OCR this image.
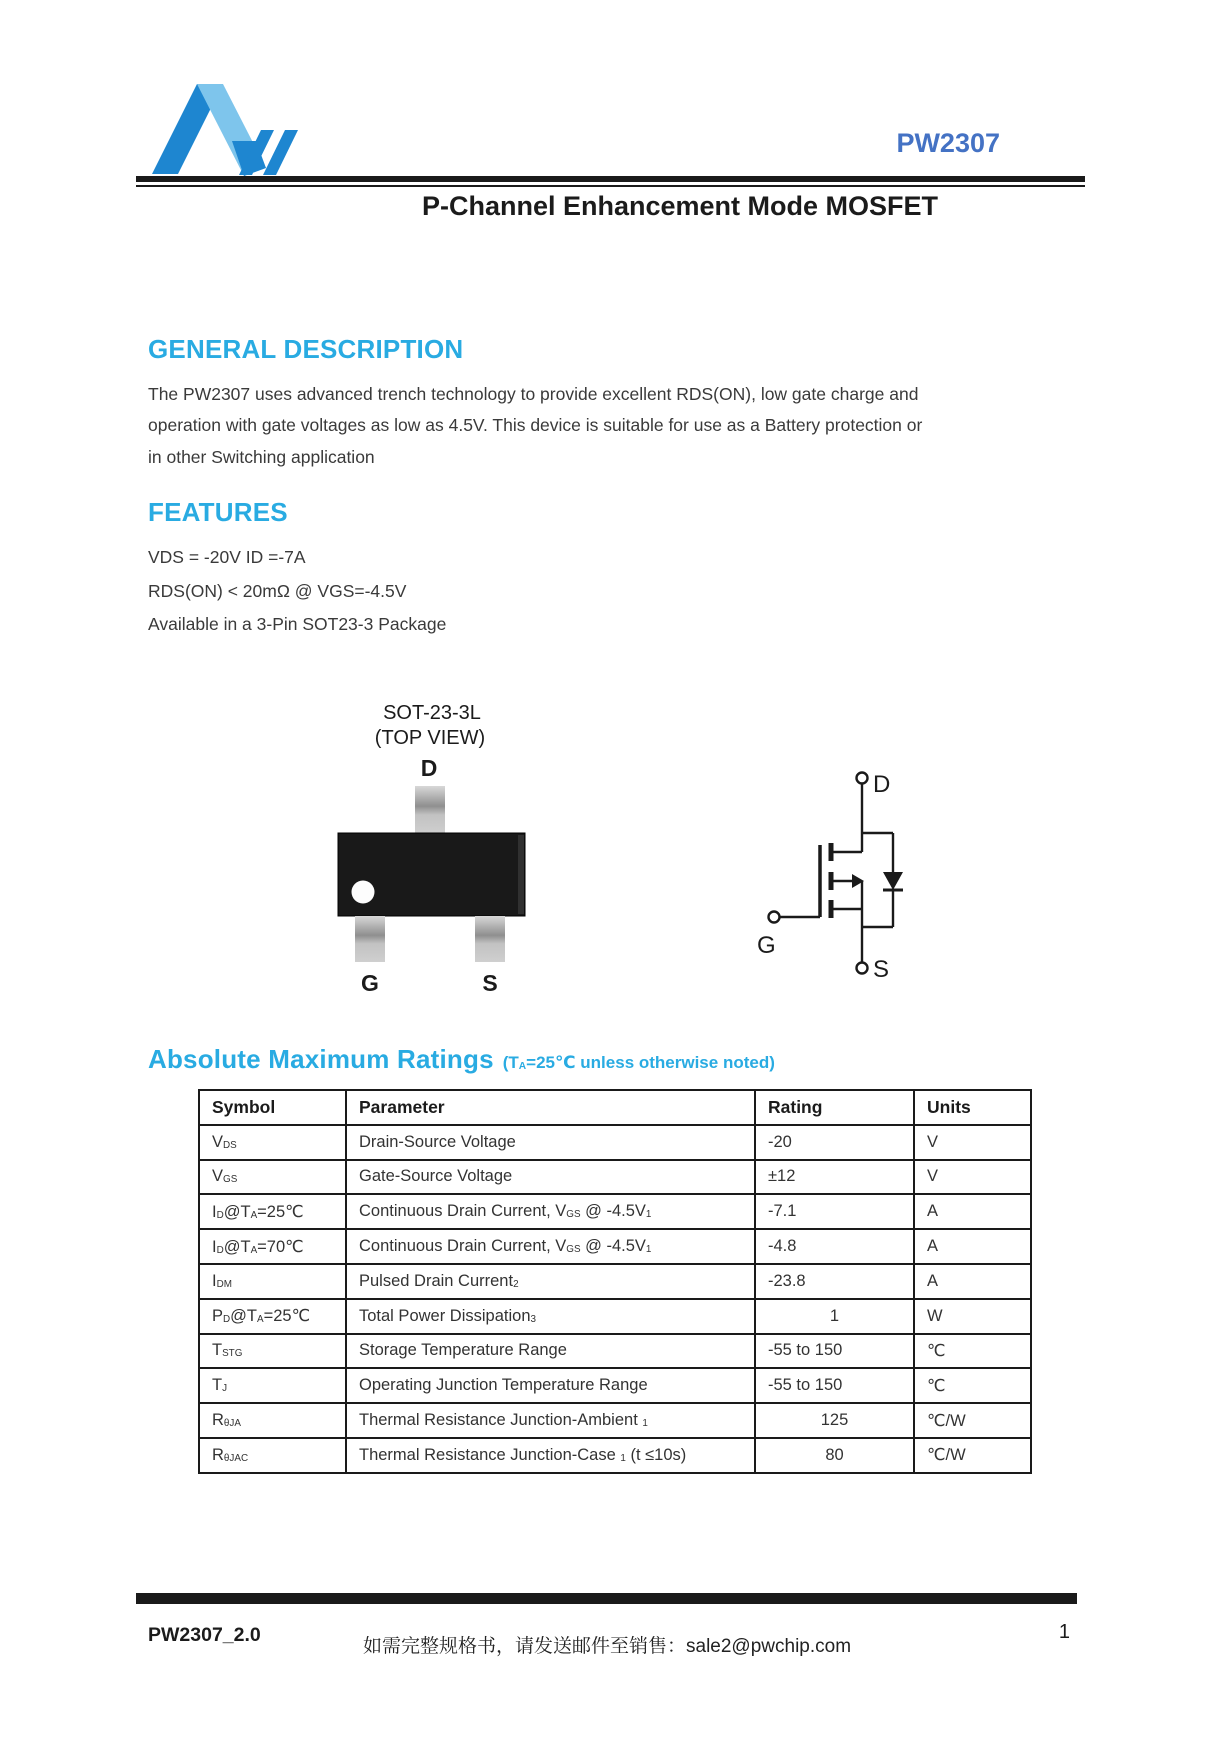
PW2307
P-Channel Enhancement Mode MOSFET
GENERAL DESCRIPTION
The PW2307 uses advanced trench technology to provide excellent RDS(ON), low gate charge and
operation with gate voltages as low as 4.5V. This device is suitable for use as a Battery protection or
in other Switching application
FEATURES
VDS = -20V ID =-7A
RDS(ON) < 20mΩ @ VGS=-4.5V
Available in a 3-Pin SOT23-3 Package
SOT-23-3L
(TOP VIEW)
D
G	S
D
G
S
Absolute Maximum Ratings ($T_A=25℃$ unless otherwise noted)
Symbol	Parameter	Rating	Units
$V_{DS}$	Drain-Source Voltage	-20	V
$V_{GS}$	Gate-Source Voltage	±12	V
$I_D@T_A=25℃$	Continuous Drain Current, $V_{GS}$ @ $-4.5V_1$	-7.1	A
$I_D@T_A=70℃$	Continuous Drain Current, $V_{GS}$ @ $-4.5V_1$	-4.8	A
$I_{DM}$	Pulsed Drain Current$_2$	-23.8	A
$P_D@T_A=25℃$	Total Power Dissipation$_3$	1	W
$T_{STG}$	Storage Temperature Range	-55 to 150	℃
$T_J$	Operating Junction Temperature Range	-55 to 150	℃
$R_{\theta JA}$	Thermal Resistance Junction-Ambient $_1$	125	℃/W
$R_{\theta JAC}$	Thermal Resistance Junction-Case $_1$ (t ≤10s)	80	℃/W
PW2307_2.0
如需完整规格书，请发送邮件至销售：sale2@pwchip.com
1
